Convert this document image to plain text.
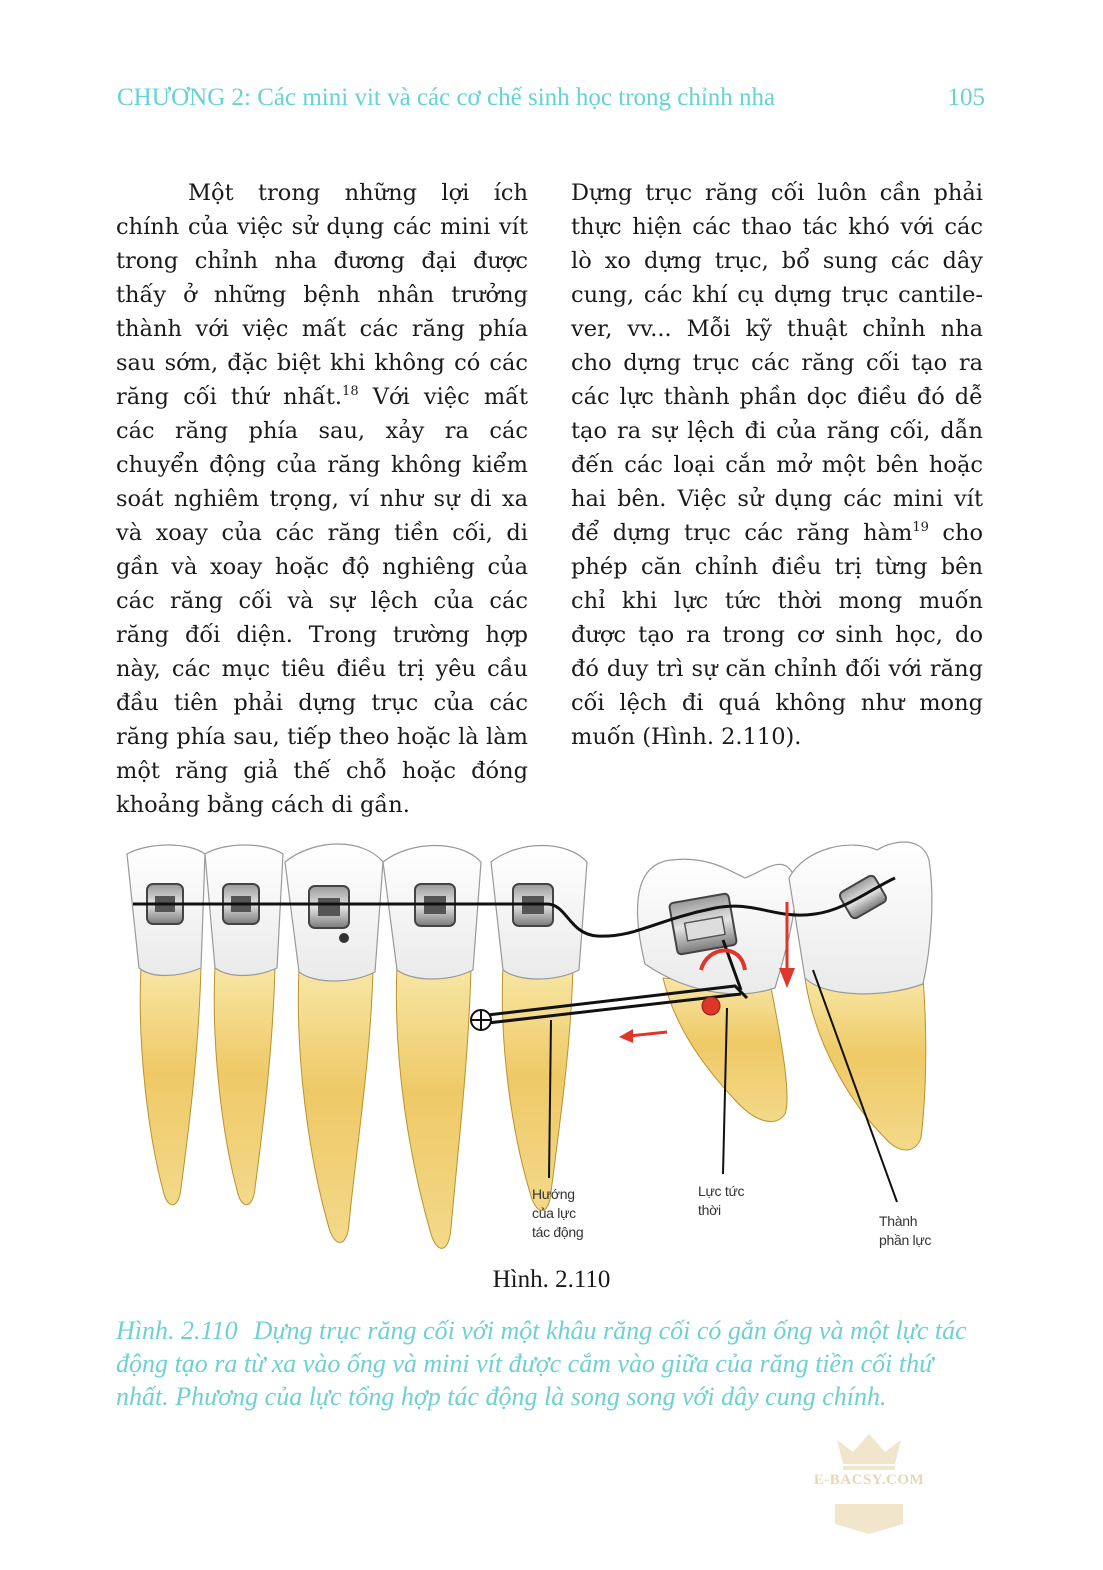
CHƯƠNG 2: Các mini vit và các cơ chế sinh học trong chỉnh nha	105

Một trong những lợi ích chính của việc sử dụng các mini vít trong chỉnh nha đương đại được thấy ở những bệnh nhân trưởng thành với việc mất các răng phía sau sớm, đặc biệt khi không có các răng cối thứ nhất.$^{18}$ Với việc mất các răng phía sau, xảy ra các chuyển động của răng không kiểm soát nghiêm trọng, ví như sự di xa và xoay của các răng tiền cối, di gần và xoay hoặc độ nghiêng của các răng cối và sự lệch của các răng đối diện. Trong trường hợp này, các mục tiêu điều trị yêu cầu đầu tiên phải dựng trục của các răng phía sau, tiếp theo hoặc là làm một răng giả thế chỗ hoặc đóng khoảng bằng cách di gần.

Dựng trục răng cối luôn cần phải thực hiện các thao tác khó với các lò xo dựng trục, bổ sung các dây cung, các khí cụ dựng trục cantilever, vv... Mỗi kỹ thuật chỉnh nha cho dựng trục các răng cối tạo ra các lực thành phần dọc điều đó dễ tạo ra sự lệch đi của răng cối, dẫn đến các loại cắn mở một bên hoặc hai bên. Việc sử dụng các mini vít để dựng trục các răng hàm$^{19}$ cho phép căn chỉnh điều trị từng bên chỉ khi lực tức thời mong muốn được tạo ra trong cơ sinh học, do đó duy trì sự căn chỉnh đối với răng cối lệch đi quá không như mong muốn (Hình. 2.110).

Hướng của lực tác động
Lực tức thời
Thành phần lực
Hình. 2.110
Hình. 2.110 Dựng trục răng cối với một khâu răng cối có gắn ống và một lực tác động tạo ra từ xa vào ống và mini vít được cắm vào giữa của răng tiền cối thứ nhất. Phương của lực tổng hợp tác động là song song với dây cung chính.
E-BACSY.COM
